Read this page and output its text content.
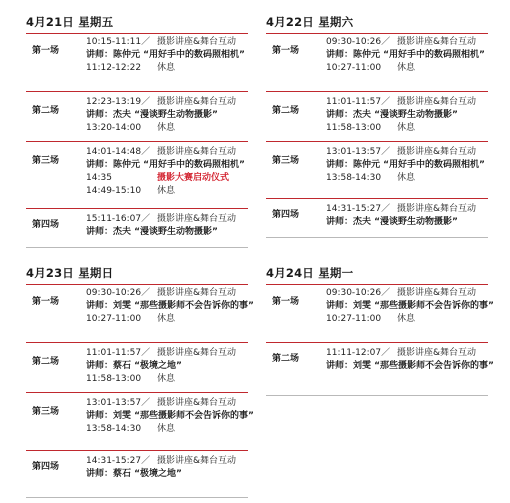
4月21日 星期五
第一场
10:15-11:11／ 摄影讲座&舞台互动
讲师：陈仲元 “用好手中的数码照相机”
11:12-12:22 休息
第二场
12:23-13:19／ 摄影讲座&舞台互动
讲师：杰夫 “漫谈野生动物摄影”
13:20-14:00 休息
第三场
14:01-14:48／ 摄影讲座&舞台互动
讲师：陈仲元 “用好手中的数码照相机”
14:35	摄影大赛启动仪式
14:49-15:10 休息
第四场
15:11-16:07／ 摄影讲座&舞台互动
讲师：杰夫 “漫谈野生动物摄影”
4月22日 星期六
第一场
09:30-10:26／ 摄影讲座&舞台互动
讲师：陈仲元 “用好手中的数码照相机”
10:27-11:00 休息
第二场
11:01-11:57／ 摄影讲座&舞台互动
讲师：杰夫 “漫谈野生动物摄影”
11:58-13:00 休息
第三场
13:01-13:57／ 摄影讲座&舞台互动
讲师：陈仲元 “用好手中的数码照相机”
13:58-14:30 休息
第四场
14:31-15:27／ 摄影讲座&舞台互动
讲师：杰夫 “漫谈野生动物摄影”
4月23日 星期日
第一场
09:30-10:26／ 摄影讲座&舞台互动
讲师：刘雯 “那些摄影师不会告诉你的事”
10:27-11:00 休息
第二场
11:01-11:57／ 摄影讲座&舞台互动
讲师：蔡石 “极境之地”
11:58-13:00 休息
第三场
13:01-13:57／ 摄影讲座&舞台互动
讲师：刘雯 “那些摄影师不会告诉你的事”
13:58-14:30 休息
第四场
14:31-15:27／ 摄影讲座&舞台互动
讲师：蔡石 “极境之地”
4月24日 星期一
第一场
09:30-10:26／ 摄影讲座&舞台互动
讲师：刘雯 “那些摄影师不会告诉你的事”
10:27-11:00 休息
第二场
11:11-12:07／ 摄影讲座&舞台互动
讲师：刘雯 “那些摄影师不会告诉你的事”
